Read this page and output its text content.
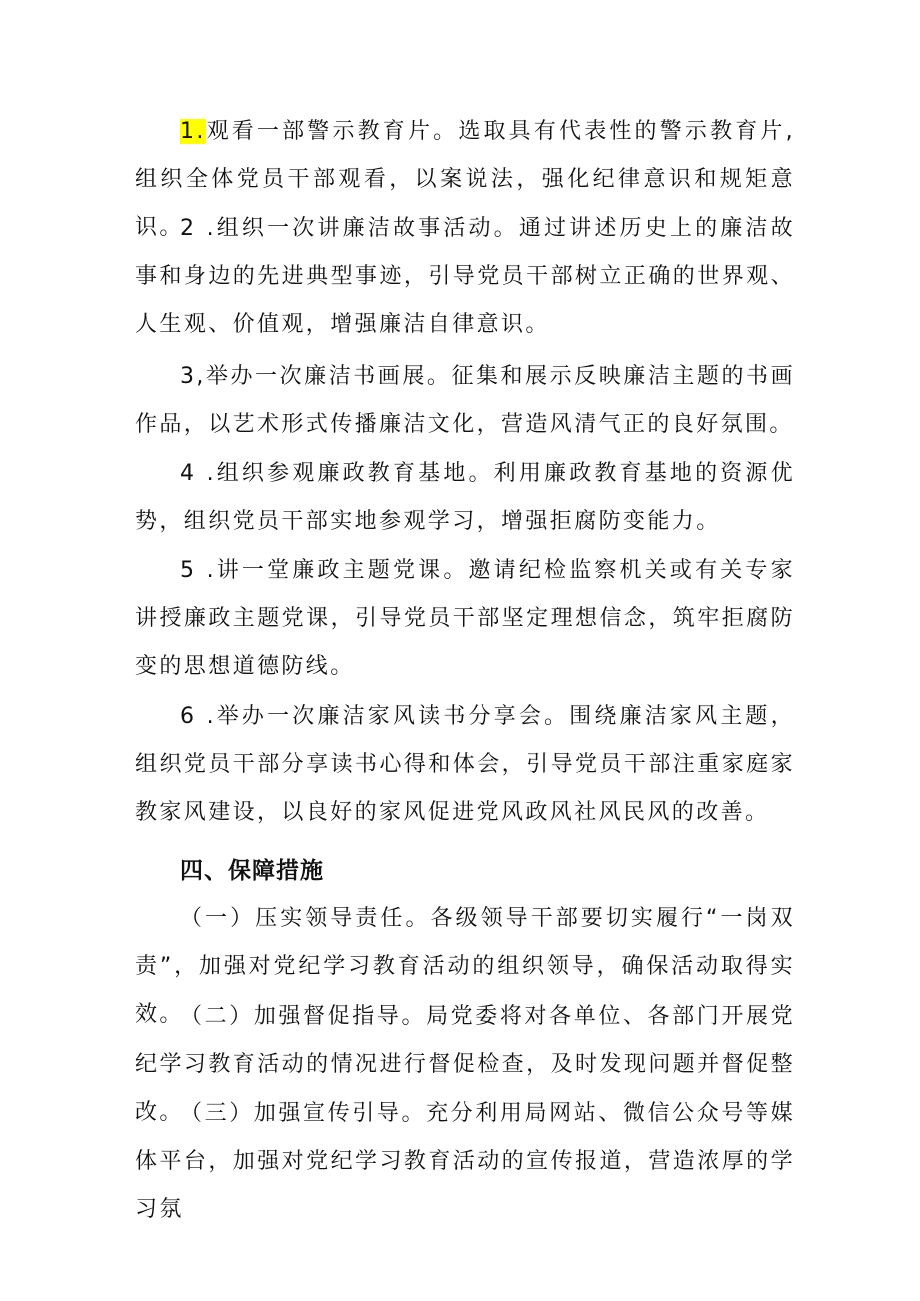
1.观看一部警示教育片。选取具有代表性的警示教育片,组织全体党员干部观看，以案说法，强化纪律意识和规矩意识。

2 .组织一次讲廉洁故事活动。通过讲述历史上的廉洁故事和身边的先进典型事迹，引导党员干部树立正确的世界观、人生观、价值观，增强廉洁自律意识。

3,举办一次廉洁书画展。征集和展示反映廉洁主题的书画作品，以艺术形式传播廉洁文化，营造风清气正的良好氛围。

4 .组织参观廉政教育基地。利用廉政教育基地的资源优势，组织党员干部实地参观学习，增强拒腐防变能力。

5 .讲一堂廉政主题党课。邀请纪检监察机关或有关专家讲授廉政主题党课，引导党员干部坚定理想信念，筑牢拒腐防变的思想道德防线。

6 .举办一次廉洁家风读书分享会。围绕廉洁家风主题，组织党员干部分享读书心得和体会，引导党员干部注重家庭家教家风建设，以良好的家风促进党风政风社风民风的改善。

四、保障措施

（一）压实领导责任。各级领导干部要切实履行“一岗双责”，加强对党纪学习教育活动的组织领导，确保活动取得实效。

（二）加强督促指导。局党委将对各单位、各部门开展党纪学习教育活动的情况进行督促检查，及时发现问题并督促整改。

（三）加强宣传引导。充分利用局网站、微信公众号等媒体平台，加强对党纪学习教育活动的宣传报道，营造浓厚的学习氛
